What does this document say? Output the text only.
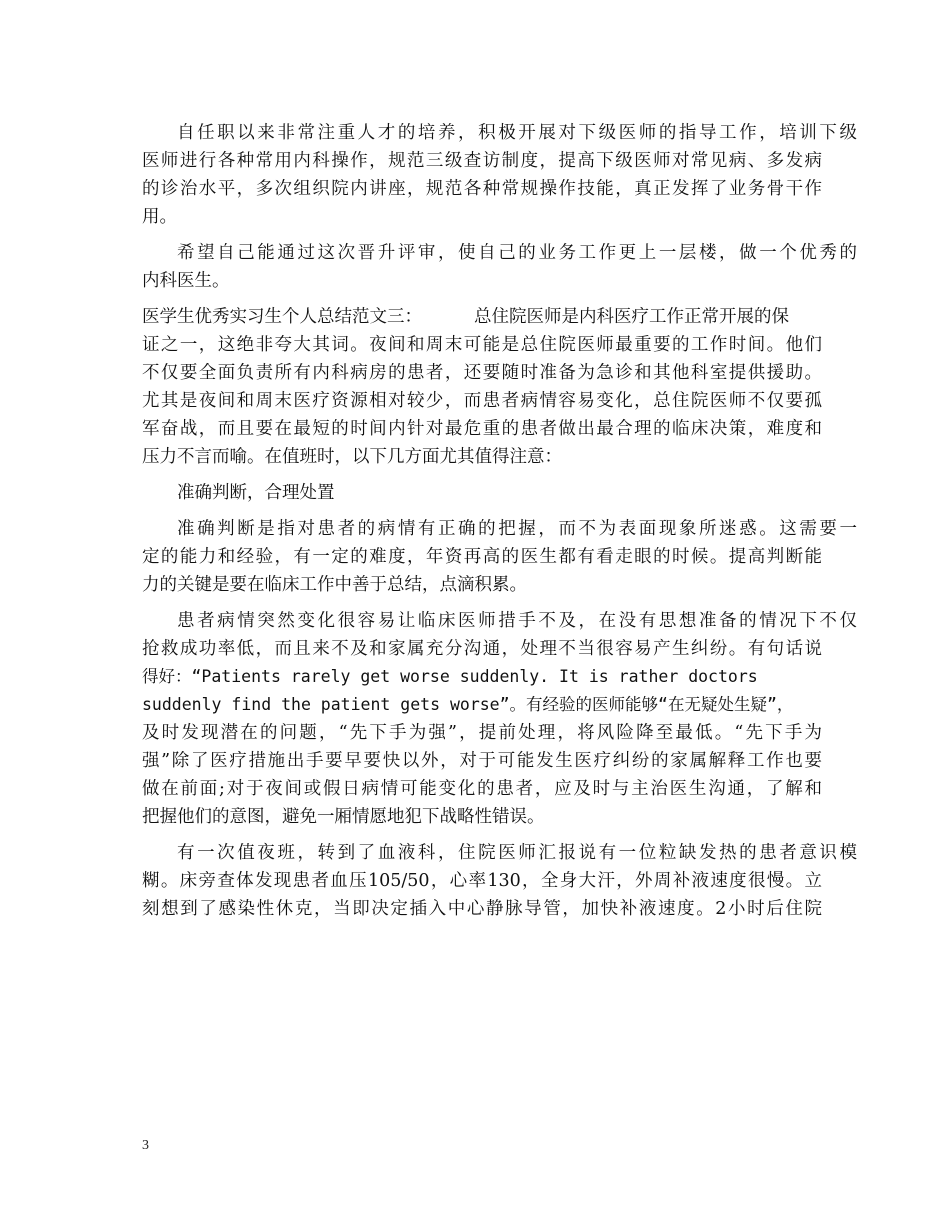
自任职以来非常注重人才的培养，积极开展对下级医师的指导工作，培训下级
医师进行各种常用内科操作，规范三级查访制度，提高下级医师对常见病、多发病
的诊治水平，多次组织院内讲座，规范各种常规操作技能，真正发挥了业务骨干作
用。
希望自己能通过这次晋升评审，使自己的业务工作更上一层楼，做一个优秀的
内科医生。
医学生优秀实习生个人总结范文三：	总住院医师是内科医疗工作正常开展的保
证之一，这绝非夸大其词。夜间和周末可能是总住院医师最重要的工作时间。他们
不仅要全面负责所有内科病房的患者，还要随时准备为急诊和其他科室提供援助。
尤其是夜间和周末医疗资源相对较少，而患者病情容易变化，总住院医师不仅要孤
军奋战，而且要在最短的时间内针对最危重的患者做出最合理的临床决策，难度和
压力不言而喻。在值班时，以下几方面尤其值得注意：
准确判断，合理处置
准确判断是指对患者的病情有正确的把握，而不为表面现象所迷惑。这需要一
定的能力和经验，有一定的难度，年资再高的医生都有看走眼的时候。提高判断能
力的关键是要在临床工作中善于总结，点滴积累。
患者病情突然变化很容易让临床医师措手不及，在没有思想准备的情况下不仅
抢救成功率低，而且来不及和家属充分沟通，处理不当很容易产生纠纷。有句话说
得好：“Patients rarely get worse suddenly. It is rather doctors
suddenly find the patient gets worse”。有经验的医师能够“在无疑处生疑”，
及时发现潜在的问题，“先下手为强”，提前处理，将风险降至最低。“先下手为
强”除了医疗措施出手要早要快以外，对于可能发生医疗纠纷的家属解释工作也要
做在前面;对于夜间或假日病情可能变化的患者，应及时与主治医生沟通，了解和
把握他们的意图，避免一厢情愿地犯下战略性错误。
有一次值夜班，转到了血液科，住院医师汇报说有一位粒缺发热的患者意识模
糊。床旁查体发现患者血压105/50，心率130，全身大汗，外周补液速度很慢。立
刻想到了感染性休克，当即决定插入中心静脉导管，加快补液速度。2小时后住院
3
